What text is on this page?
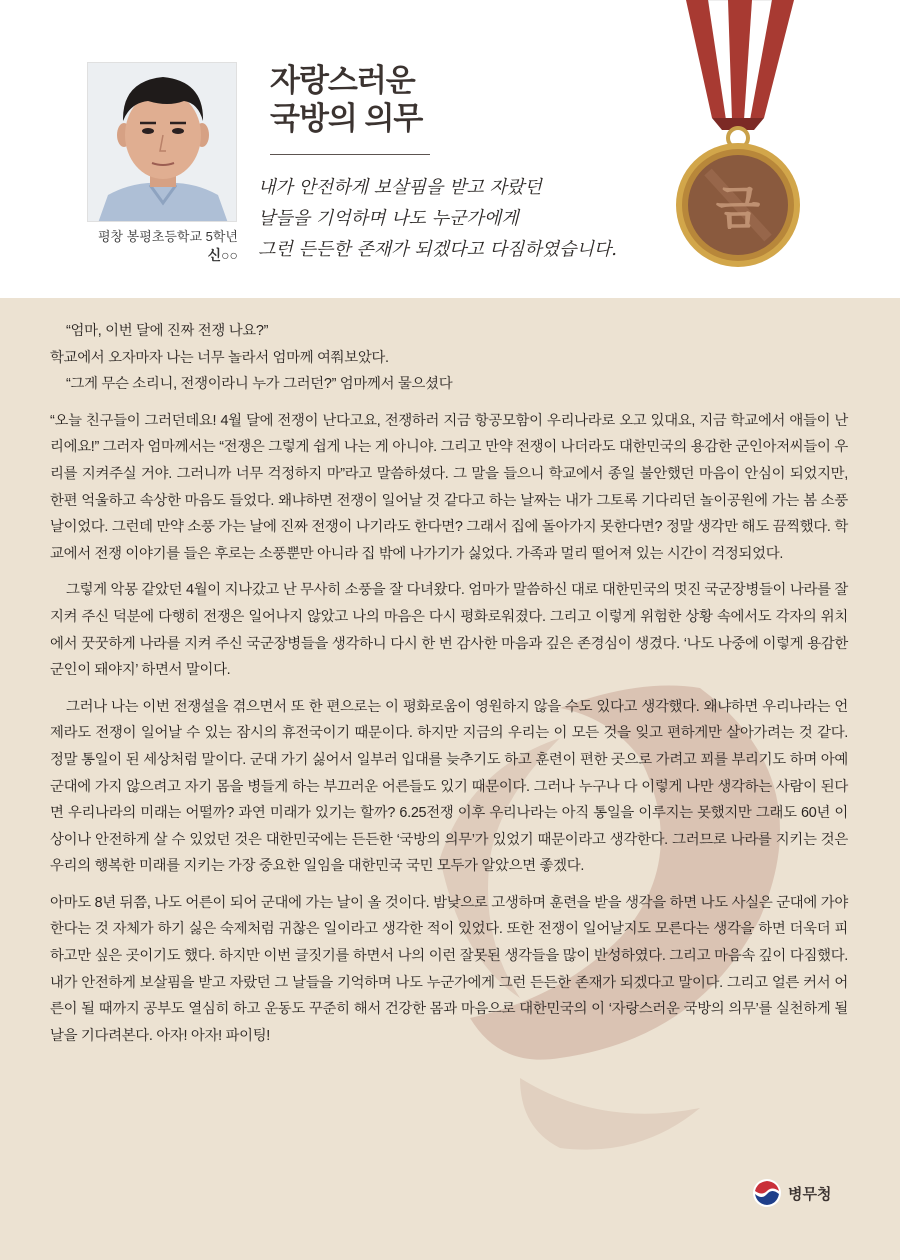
평창 봉평초등학교 5학년
신○○
자랑스러운
국방의 의무
내가 안전하게 보살핌을 받고 자랐던
날들을 기억하며 나도 누군가에게
그런 든든한 존재가 되겠다고 다짐하였습니다.
금
“엄마, 이번 달에 진짜 전쟁 나요?”
학교에서 오자마자 나는 너무 놀라서 엄마께 여쭤보았다.
“그게 무슨 소리니, 전쟁이라니 누가 그러던?” 엄마께서 물으셨다

“오늘 친구들이 그러던데요! 4월 달에 전쟁이 난다고요, 전쟁하러 지금 항공모함이 우리나라로 오고 있대요, 지금 학교에서 애들이 난리에요!” 그러자 엄마께서는 “전쟁은 그렇게 쉽게 나는 게 아니야. 그리고 만약 전쟁이 나더라도 대한민국의 용감한 군인아저씨들이 우리를 지켜주실 거야. 그러니까 너무 걱정하지 마”라고 말씀하셨다. 그 말을 들으니 학교에서 종일 불안했던 마음이 안심이 되었지만, 한편 억울하고 속상한 마음도 들었다. 왜냐하면 전쟁이 일어날 것 같다고 하는 날짜는 내가 그토록 기다리던 놀이공원에 가는 봄 소풍날이었다. 그런데 만약 소풍 가는 날에 진짜 전쟁이 나기라도 한다면? 그래서 집에 돌아가지 못한다면? 정말 생각만 해도 끔찍했다. 학교에서 전쟁 이야기를 들은 후로는 소풍뿐만 아니라 집 밖에 나가기가 싫었다. 가족과 멀리 떨어져 있는 시간이 걱정되었다.

그렇게 악몽 같았던 4월이 지나갔고 난 무사히 소풍을 잘 다녀왔다. 엄마가 말씀하신 대로 대한민국의 멋진 국군장병들이 나라를 잘 지켜 주신 덕분에 다행히 전쟁은 일어나지 않았고 나의 마음은 다시 평화로워졌다. 그리고 이렇게 위험한 상황 속에서도 각자의 위치에서 꿋꿋하게 나라를 지켜 주신 국군장병들을 생각하니 다시 한 번 감사한 마음과 깊은 존경심이 생겼다. ‘나도 나중에 이렇게 용감한 군인이 돼야지’ 하면서 말이다.

그러나 나는 이번 전쟁설을 겪으면서 또 한 편으로는 이 평화로움이 영원하지 않을 수도 있다고 생각했다. 왜냐하면 우리나라는 언제라도 전쟁이 일어날 수 있는 잠시의 휴전국이기 때문이다. 하지만 지금의 우리는 이 모든 것을 잊고 편하게만 살아가려는 것 같다. 정말 통일이 된 세상처럼 말이다. 군대 가기 싫어서 일부러 입대를 늦추기도 하고 훈련이 편한 곳으로 가려고 꾀를 부리기도 하며 아예 군대에 가지 않으려고 자기 몸을 병들게 하는 부끄러운 어른들도 있기 때문이다. 그러나 누구나 다 이렇게 나만 생각하는 사람이 된다면 우리나라의 미래는 어떨까? 과연 미래가 있기는 할까? 6.25전쟁 이후 우리나라는 아직 통일을 이루지는 못했지만 그래도 60년 이상이나 안전하게 살 수 있었던 것은 대한민국에는 든든한 ‘국방의 의무’가 있었기 때문이라고 생각한다. 그러므로 나라를 지키는 것은 우리의 행복한 미래를 지키는 가장 중요한 일임을 대한민국 국민 모두가 알았으면 좋겠다.

아마도 8년 뒤쯤, 나도 어른이 되어 군대에 가는 날이 올 것이다. 밤낮으로 고생하며 훈련을 받을 생각을 하면 나도 사실은 군대에 가야 한다는 것 자체가 하기 싫은 숙제처럼 귀찮은 일이라고 생각한 적이 있었다. 또한 전쟁이 일어날지도 모른다는 생각을 하면 더욱더 피하고만 싶은 곳이기도 했다. 하지만 이번 글짓기를 하면서 나의 이런 잘못된 생각들을 많이 반성하였다. 그리고 마음속 깊이 다짐했다. 내가 안전하게 보살핌을 받고 자랐던 그 날들을 기억하며 나도 누군가에게 그런 든든한 존재가 되겠다고 말이다. 그리고 얼른 커서 어른이 될 때까지 공부도 열심히 하고 운동도 꾸준히 해서 건강한 몸과 마음으로 대한민국의 이 ‘자랑스러운 국방의 의무’를 실천하게 될 날을 기다려본다. 아자! 아자! 파이팅!

병무청
